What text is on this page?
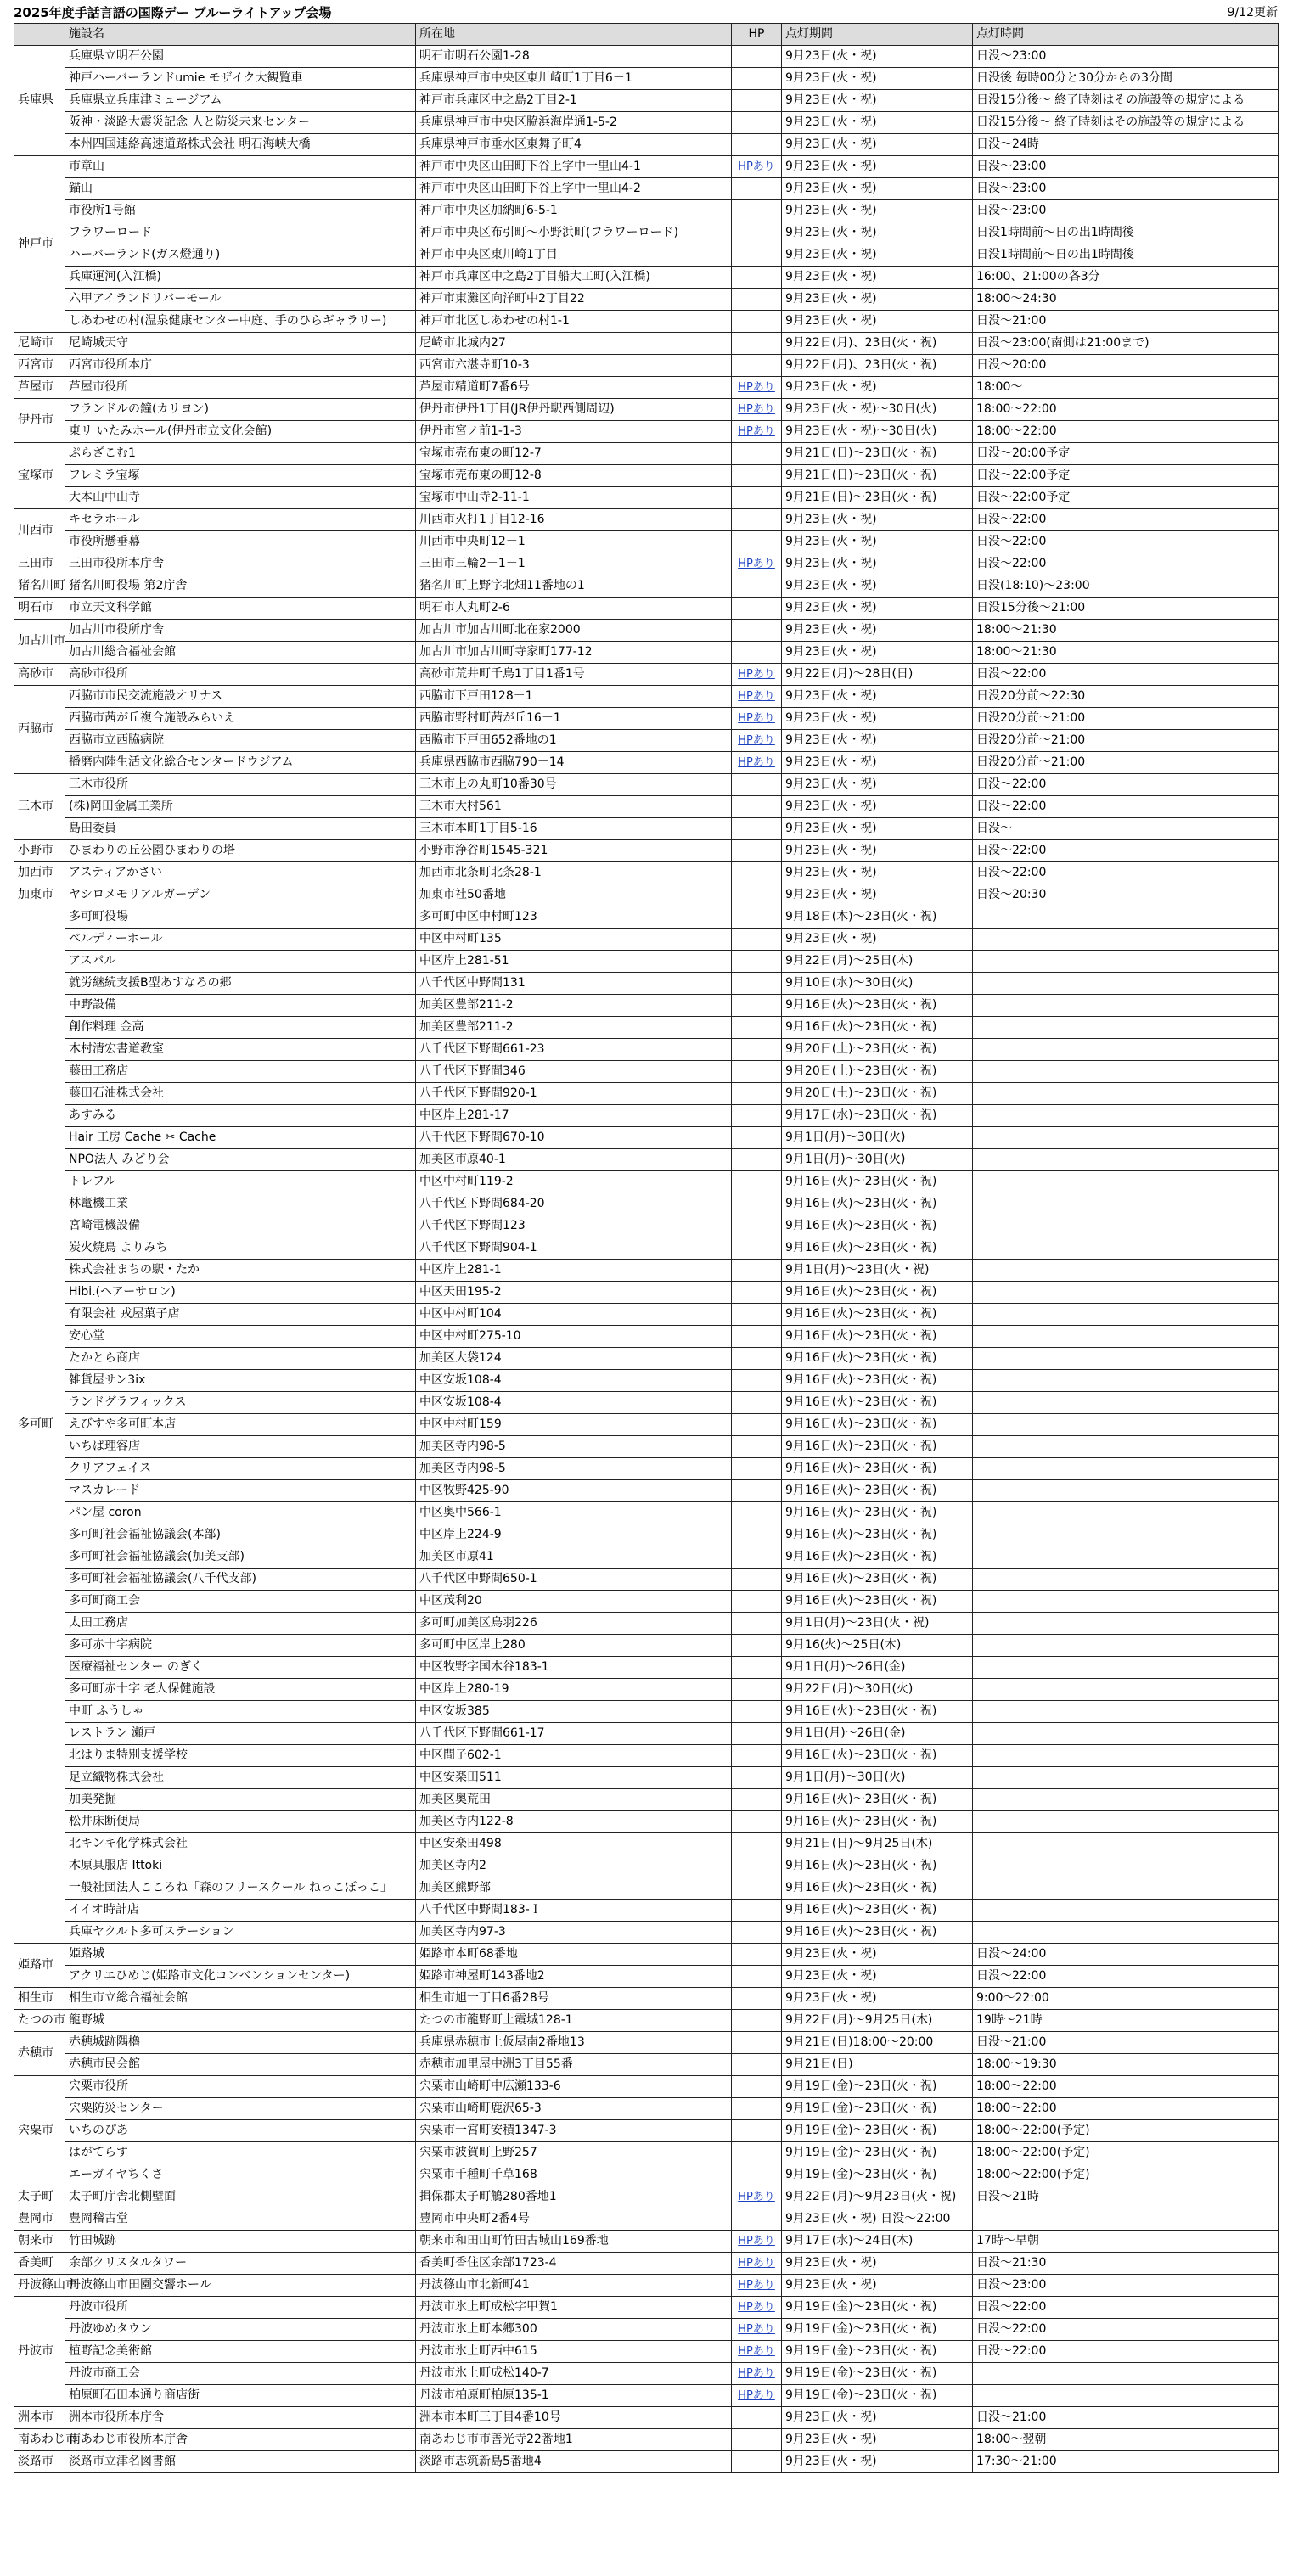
2025年度手話言語の国際デー ブルーライトアップ会場	9/12更新
	施設名	所在地	HP	点灯期間	点灯時間
兵庫県	兵庫県立明石公園	明石市明石公園1-28		9月23日(火・祝)	日没～23:00
	神戸ハーバーランドumie モザイク大観覧車	兵庫県神戸市中央区東川崎町1丁目6－1		9月23日(火・祝)	日没後 毎時00分と30分からの3分間
	兵庫県立兵庫津ミュージアム	神戸市兵庫区中之島2丁目2-1		9月23日(火・祝)	日没15分後～ 終了時刻はその施設等の規定による
	阪神・淡路大震災記念 人と防災未来センター	兵庫県神戸市中央区脇浜海岸通1-5-2		9月23日(火・祝)	日没15分後～ 終了時刻はその施設等の規定による
	本州四国連絡高速道路株式会社 明石海峡大橋	兵庫県神戸市垂水区東舞子町4		9月23日(火・祝)	日没～24時
神戸市	市章山	神戸市中央区山田町下谷上字中一里山4-1	HPあり	9月23日(火・祝)	日没～23:00
	錨山	神戸市中央区山田町下谷上字中一里山4-2		9月23日(火・祝)	日没～23:00
	市役所1号館	神戸市中央区加納町6-5-1		9月23日(火・祝)	日没～23:00
	フラワーロード	神戸市中央区布引町～小野浜町(フラワーロード)		9月23日(火・祝)	日没1時間前～日の出1時間後
	ハーバーランド(ガス燈通り)	神戸市中央区東川崎1丁目		9月23日(火・祝)	日没1時間前～日の出1時間後
	兵庫運河(入江橋)	神戸市兵庫区中之島2丁目船大工町(入江橋)		9月23日(火・祝)	16:00、21:00の各3分
	六甲アイランドリバーモール	神戸市東灘区向洋町中2丁目22		9月23日(火・祝)	18:00～24:30
	しあわせの村(温泉健康センター中庭、手のひらギャラリー)	神戸市北区しあわせの村1-1		9月23日(火・祝)	日没～21:00
尼崎市	尼崎城天守	尼崎市北城内27		9月22日(月)、23日(火・祝)	日没～23:00(南側は21:00まで)
西宮市	西宮市役所本庁	西宮市六湛寺町10-3		9月22日(月)、23日(火・祝)	日没～20:00
芦屋市	芦屋市役所	芦屋市精道町7番6号	HPあり	9月23日(火・祝)	18:00～
伊丹市	フランドルの鐘(カリヨン)	伊丹市伊丹1丁目(JR伊丹駅西側周辺)	HPあり	9月23日(火・祝)～30日(火)	18:00～22:00
	東リ いたみホール(伊丹市立文化会館)	伊丹市宮ノ前1-1-3	HPあり	9月23日(火・祝)～30日(火)	18:00～22:00
宝塚市	ぷらざこむ1	宝塚市売布東の町12-7		9月21日(日)～23日(火・祝)	日没～20:00予定
	フレミラ宝塚	宝塚市売布東の町12-8		9月21日(日)～23日(火・祝)	日没～22:00予定
	大本山中山寺	宝塚市中山寺2-11-1		9月21日(日)～23日(火・祝)	日没～22:00予定
川西市	キセラホール	川西市火打1丁目12-16		9月23日(火・祝)	日没～22:00
	市役所懸垂幕	川西市中央町12－1		9月23日(火・祝)	日没～22:00
三田市	三田市役所本庁舎	三田市三輪2－1－1	HPあり	9月23日(火・祝)	日没～22:00
猪名川町	猪名川町役場 第2庁舎	猪名川町上野字北畑11番地の1		9月23日(火・祝)	日没(18:10)～23:00
明石市	市立天文科学館	明石市人丸町2-6		9月23日(火・祝)	日没15分後～21:00
加古川市	加古川市役所庁舎	加古川市加古川町北在家2000		9月23日(火・祝)	18:00～21:30
	加古川総合福祉会館	加古川市加古川町寺家町177-12		9月23日(火・祝)	18:00～21:30
高砂市	高砂市役所	高砂市荒井町千鳥1丁目1番1号	HPあり	9月22日(月)～28日(日)	日没～22:00
西脇市	西脇市市民交流施設オリナス	西脇市下戸田128－1	HPあり	9月23日(火・祝)	日没20分前～22:30
	西脇市茜が丘複合施設みらいえ	西脇市野村町茜が丘16－1	HPあり	9月23日(火・祝)	日没20分前～21:00
	西脇市立西脇病院	西脇市下戸田652番地の1	HPあり	9月23日(火・祝)	日没20分前～21:00
	播磨内陸生活文化総合センタードウジアム	兵庫県西脇市西脇790－14	HPあり	9月23日(火・祝)	日没20分前～21:00
三木市	三木市役所	三木市上の丸町10番30号		9月23日(火・祝)	日没～22:00
	(株)岡田金属工業所	三木市大村561		9月23日(火・祝)	日没～22:00
	島田委員	三木市本町1丁目5-16		9月23日(火・祝)	日没～
小野市	ひまわりの丘公園ひまわりの塔	小野市浄谷町1545-321		9月23日(火・祝)	日没～22:00
加西市	アスティアかさい	加西市北条町北条28-1		9月23日(火・祝)	日没～22:00
加東市	ヤシロメモリアルガーデン	加東市社50番地		9月23日(火・祝)	日没～20:30
多可町	多可町役場	多可町中区中村町123		9月18日(木)～23日(火・祝)	
	ベルディーホール	中区中村町135		9月23日(火・祝)	
	アスパル	中区岸上281-51		9月22日(月)～25日(木)	
	就労継続支援B型あすなろの郷	八千代区中野間131		9月10日(水)～30日(火)	
	中野設備	加美区豊部211-2		9月16日(火)～23日(火・祝)	
	創作料理 金高	加美区豊部211-2		9月16日(火)～23日(火・祝)	
	木村清宏書道教室	八千代区下野間661-23		9月20日(土)～23日(火・祝)	
	藤田工務店	八千代区下野間346		9月20日(土)～23日(火・祝)	
	藤田石油株式会社	八千代区下野間920-1		9月20日(土)～23日(火・祝)	
	あすみる	中区岸上281-17		9月17日(水)～23日(火・祝)	
	Hair 工房 Cache ✂ Cache	八千代区下野間670-10		9月1日(月)～30日(火)	
	NPO法人 みどり会	加美区市原40-1		9月1日(月)～30日(火)	
	トレフル	中区中村町119-2		9月16日(火)～23日(火・祝)	
	林竃機工業	八千代区下野間684-20		9月16日(火)～23日(火・祝)	
	宮崎電機設備	八千代区下野間123		9月16日(火)～23日(火・祝)	
	炭火焼鳥 よりみち	八千代区下野間904-1		9月16日(火)～23日(火・祝)	
	株式会社まちの駅・たか	中区岸上281-1		9月1日(月)～23日(火・祝)	
	Hibi.(ヘアーサロン)	中区天田195-2		9月16日(火)～23日(火・祝)	
	有限会社 戎屋菓子店	中区中村町104		9月16日(火)～23日(火・祝)	
	安心堂	中区中村町275-10		9月16日(火)～23日(火・祝)	
	たかとら商店	加美区大袋124		9月16日(火)～23日(火・祝)	
	雑貨屋サン3ix	中区安坂108-4		9月16日(火)～23日(火・祝)	
	ランドグラフィックス	中区安坂108-4		9月16日(火)～23日(火・祝)	
	えびすや多可町本店	中区中村町159		9月16日(火)～23日(火・祝)	
	いちば理容店	加美区寺内98-5		9月16日(火)～23日(火・祝)	
	クリアフェイス	加美区寺内98-5		9月16日(火)～23日(火・祝)	
	マスカレード	中区牧野425-90		9月16日(火)～23日(火・祝)	
	パン屋 coron	中区奥中566-1		9月16日(火)～23日(火・祝)	
	多可町社会福祉協議会(本部)	中区岸上224-9		9月16日(火)～23日(火・祝)	
	多可町社会福祉協議会(加美支部)	加美区市原41		9月16日(火)～23日(火・祝)	
	多可町社会福祉協議会(八千代支部)	八千代区中野間650-1		9月16日(火)～23日(火・祝)	
	多可町商工会	中区茂利20		9月16日(火)～23日(火・祝)	
	太田工務店	多可町加美区鳥羽226		9月1日(月)～23日(火・祝)	
	多可赤十字病院	多可町中区岸上280		9月16(火)～25日(木)	
	医療福祉センター のぎく	中区牧野字国木谷183-1		9月1日(月)～26日(金)	
	多可町赤十字 老人保健施設	中区岸上280-19		9月22日(月)～30日(火)	
	中町 ふうしゃ	中区安坂385		9月16日(火)～23日(火・祝)	
	レストラン 瀬戸	八千代区下野間661-17		9月1日(月)～26日(金)	
	北はりま特別支援学校	中区間子602-1		9月16日(火)～23日(火・祝)	
	足立織物株式会社	中区安楽田511		9月1日(月)～30日(火)	
	加美発掘	加美区奥荒田		9月16日(火)～23日(火・祝)	
	松井床断便局	加美区寺内122-8		9月16日(火)～23日(火・祝)	
	北キンキ化学株式会社	中区安楽田498		9月21日(日)～9月25日(木)	
	木原具服店 Ittoki	加美区寺内2		9月16日(火)～23日(火・祝)	
	一般社団法人こころね「森のフリースクール ねっこぼっこ」	加美区熊野部		9月16日(火)～23日(火・祝)	
	イイオ時計店	八千代区中野間183-Ｉ		9月16日(火)～23日(火・祝)	
	兵庫ヤクルト多可ステーション	加美区寺内97-3		9月16日(火)～23日(火・祝)	
姫路市	姫路城	姫路市本町68番地		9月23日(火・祝)	日没～24:00
	アクリエひめじ(姫路市文化コンベンションセンター)	姫路市神屋町143番地2		9月23日(火・祝)	日没～22:00
相生市	相生市立総合福祉会館	相生市旭一丁目6番28号		9月23日(火・祝)	9:00～22:00
たつの市	龍野城	たつの市龍野町上霞城128-1		9月22日(月)～9月25日(木)	19時～21時
赤穂市	赤穂城跡隅櫓	兵庫県赤穂市上仮屋南2番地13		9月21日(日)18:00～20:00	日没～21:00
	赤穂市民会館	赤穂市加里屋中洲3丁目55番		9月21日(日)	18:00～19:30
宍粟市	宍粟市役所	宍粟市山崎町中広瀬133-6		9月19日(金)～23日(火・祝)	18:00～22:00
	宍粟防災センター	宍粟市山崎町鹿沢65-3		9月19日(金)～23日(火・祝)	18:00～22:00
	いちのぴあ	宍粟市一宮町安積1347-3		9月19日(金)～23日(火・祝)	18:00～22:00(予定)
	はがてらす	宍粟市波賀町上野257		9月19日(金)～23日(火・祝)	18:00～22:00(予定)
	エーガイヤちくさ	宍粟市千種町千草168		9月19日(金)～23日(火・祝)	18:00～22:00(予定)
太子町	太子町庁舎北側壁面	揖保郡太子町鵤280番地1	HPあり	9月22日(月)～9月23日(火・祝)	日没～21時
豊岡市	豊岡稽古堂	豊岡市中央町2番4号		9月23日(火・祝) 日没～22:00	
朝来市	竹田城跡	朝来市和田山町竹田古城山169番地	HPあり	9月17日(水)～24日(木)	17時～早朝
香美町	余部クリスタルタワー	香美町香住区余部1723-4	HPあり	9月23日(火・祝)	日没～21:30
丹波篠山市	丹波篠山市田園交響ホール	丹波篠山市北新町41	HPあり	9月23日(火・祝)	日没～23:00
丹波市	丹波市役所	丹波市氷上町成松字甲賀1	HPあり	9月19日(金)～23日(火・祝)	日没～22:00
	丹波ゆめタウン	丹波市氷上町本郷300	HPあり	9月19日(金)～23日(火・祝)	日没～22:00
	植野記念美術館	丹波市氷上町西中615	HPあり	9月19日(金)～23日(火・祝)	日没～22:00
	丹波市商工会	丹波市氷上町成松140-7	HPあり	9月19日(金)～23日(火・祝)	
	柏原町石田本通り商店街	丹波市柏原町柏原135-1	HPあり	9月19日(金)～23日(火・祝)	
洲本市	洲本市役所本庁舎	洲本市本町三丁目4番10号		9月23日(火・祝)	日没～21:00
南あわじ市	南あわじ市役所本庁舎	南あわじ市市善光寺22番地1		9月23日(火・祝)	18:00～翌朝
淡路市	淡路市立津名図書館	淡路市志筑新島5番地4		9月23日(火・祝)	17:30～21:00
